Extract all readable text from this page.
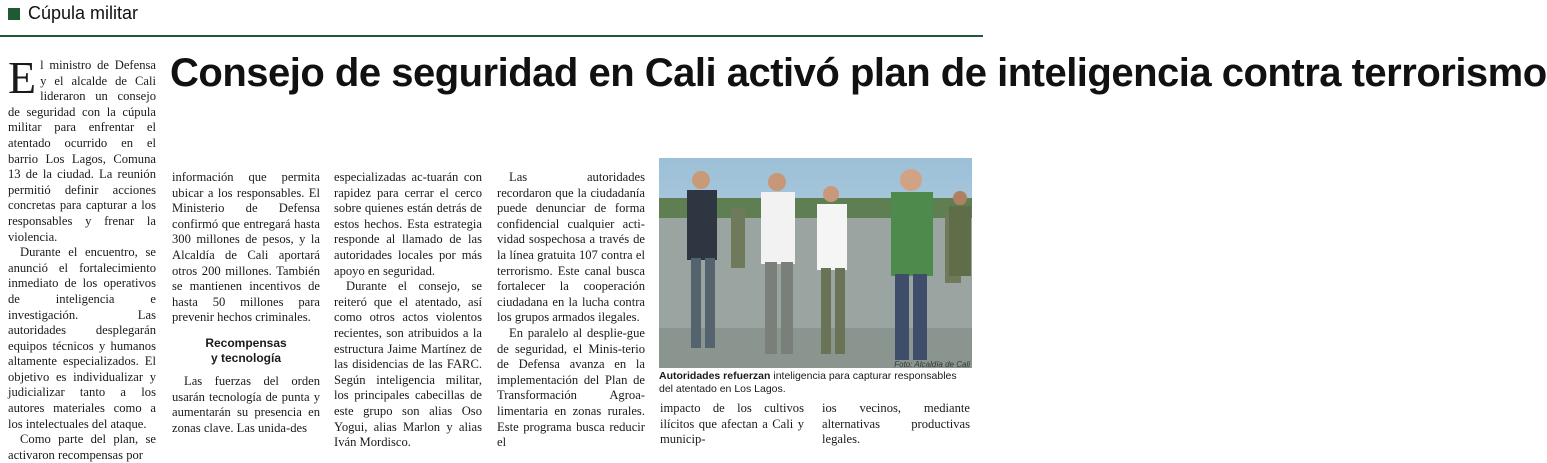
Cúpula militar
Consejo de seguridad en Cali activó plan de inteligencia contra terrorismo

El ministro de Defensa y el alcalde de Cali lideraron un consejo de seguridad con la cúpula militar para enfrentar el atentado ocurrido en el barrio Los Lagos, Comuna 13 de la ciudad. La reunión permitió definir acciones concretas para capturar a los responsables y frenar la violencia.

Durante el encuentro, se anunció el fortalecimiento inmediato de los operativos de inteligencia e investigación. Las autoridades desplegarán equipos técnicos y humanos altamente especializados. El objetivo es individualizar y judicializar tanto a los autores materiales como a los intelectuales del ataque.

Como parte del plan, se activaron recompensas por

información que permita ubicar a los responsables. El Ministerio de Defensa confirmó que entregará hasta 300 millones de pesos, y la Alcaldía de Cali aportará otros 200 millones. También se mantienen incentivos de hasta 50 millones para prevenir hechos criminales.

Recompensas
y tecnología

Las fuerzas del orden usarán tecnología de punta y aumentarán su presencia en zonas clave. Las unida-des

especializadas ac-tuarán con rapidez para cerrar el cerco sobre quienes están detrás de estos hechos. Esta estrategia responde al llamado de las autoridades locales por más apoyo en seguridad.

Durante el consejo, se reiteró que el atentado, así como otros actos violentos recientes, son atribuidos a la estructura Jaime Martínez de las disidencias de las FARC. Según inteligencia militar, los principales cabecillas de este grupo son alias Oso Yogui, alias Marlon y alias Iván Mordisco.

Las autoridades recordaron que la ciudadanía puede denunciar de forma confidencial cualquier acti-vidad sospechosa a través de la línea gratuita 107 contra el terrorismo. Este canal busca fortalecer la cooperación ciudadana en la lucha contra los grupos armados ilegales.

En paralelo al desplie-gue de seguridad, el Minis-terio de Defensa avanza en la implementación del Plan de Transformación Agroa-limentaria en zonas rurales. Este programa busca reducir el

Foto: Alcaldía de Cali
Autoridades refuerzan inteligencia para capturar responsables del atentado en Los Lagos.

impacto de los cultivos ilícitos que afectan a Cali y municip-

ios vecinos, mediante alternativas productivas legales.
